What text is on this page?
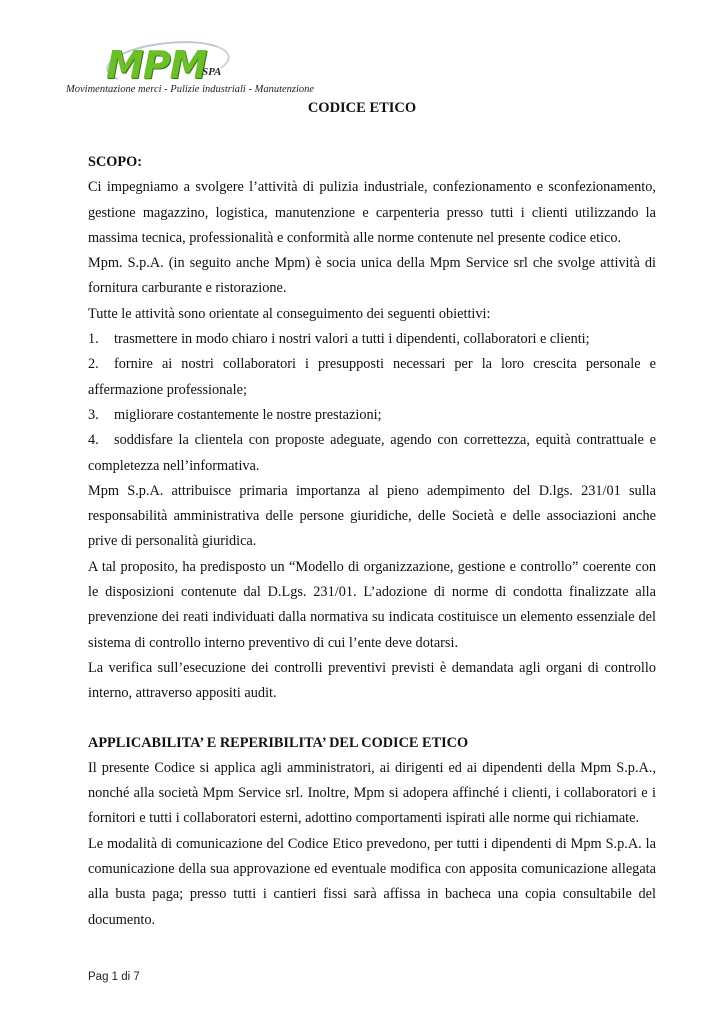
MPM
SPA
Movimentazione merci - Pulizie industriali - Manutenzione
CODICE ETICO

SCOPO:

Ci impegniamo a svolgere l’attività di pulizia industriale, confezionamento e sconfezionamento, gestione magazzino, logistica, manutenzione e carpenteria presso tutti i clienti utilizzando la massima tecnica, professionalità e conformità alle norme contenute nel presente codice etico.

Mpm. S.p.A. (in seguito anche Mpm) è socia unica della Mpm Service srl che svolge attività di fornitura carburante e ristorazione.

Tutte le attività sono orientate al conseguimento dei seguenti obiettivi:

1. trasmettere in modo chiaro i nostri valori a tutti i dipendenti, collaboratori e clienti;

2. fornire ai nostri collaboratori i presupposti necessari per la loro crescita personale e affermazione professionale;

3. migliorare costantemente le nostre prestazioni;

4. soddisfare la clientela con proposte adeguate, agendo con correttezza, equità contrattuale e completezza nell’informativa.

Mpm S.p.A. attribuisce primaria importanza al pieno adempimento del D.lgs. 231/01 sulla responsabilità amministrativa delle persone giuridiche, delle Società e delle associazioni anche prive di personalità giuridica.

A tal proposito, ha predisposto un “Modello di organizzazione, gestione e controllo” coerente con le disposizioni contenute dal D.Lgs. 231/01. L’adozione di norme di condotta finalizzate alla prevenzione dei reati individuati dalla normativa su indicata costituisce un elemento essenziale del sistema di controllo interno preventivo di cui l’ente deve dotarsi.

La verifica sull’esecuzione dei controlli preventivi previsti è demandata agli organi di controllo interno, attraverso appositi audit.

APPLICABILITA’ E REPERIBILITA’ DEL CODICE ETICO

Il presente Codice si applica agli amministratori, ai dirigenti ed ai dipendenti della Mpm S.p.A., nonché alla società Mpm Service srl. Inoltre, Mpm si adopera affinché i clienti, i collaboratori e i fornitori e tutti i collaboratori esterni, adottino comportamenti ispirati alle norme qui richiamate.

Le modalità di comunicazione del Codice Etico prevedono, per tutti i dipendenti di Mpm S.p.A. la comunicazione della sua approvazione ed eventuale modifica con apposita comunicazione allegata alla busta paga; presso tutti i cantieri fissi sarà affissa in bacheca una copia consultabile del documento.

Pag 1 di 7
